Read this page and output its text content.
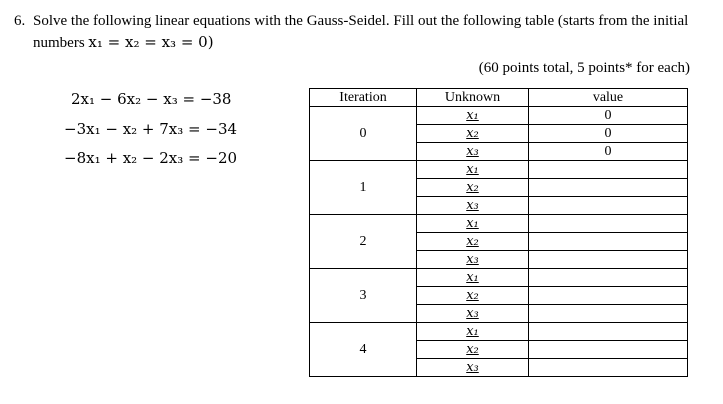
6. Solve the following linear equations with the Gauss-Seidel. Fill out the following table (starts from the initial
numbers x₁ = x₂ = x₃ = 0)
(60 points total, 5 points* for each)
2x₁ − 6x₂ − x₃ = −38
−3x₁ − x₂ + 7x₃ = −34
−8x₁ + x₂ − 2x₃ = −20
Iteration	Unknown	value
0	x₁	0
	x₂	0
	x₃	0
1	x₁	
	x₂	
	x₃	
2	x₁	
	x₂	
	x₃	
3	x₁	
	x₂	
	x₃	
4	x₁	
	x₂	
	x₃	
